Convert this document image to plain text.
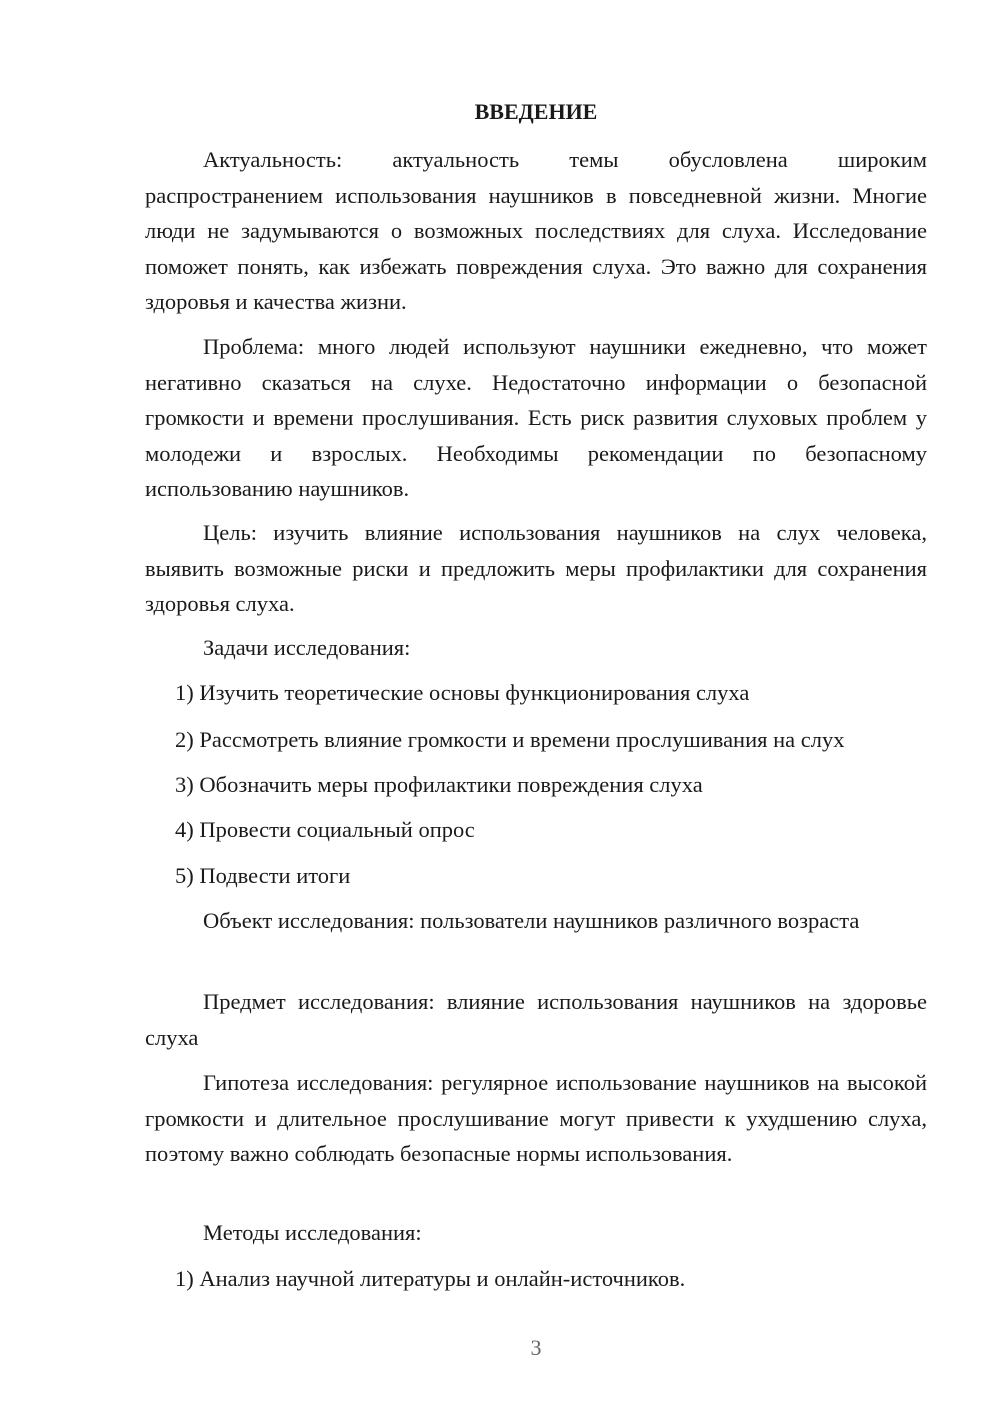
ВВЕДЕНИЕ

Актуальность: актуальность темы обусловлена широким распространением использования наушников в повседневной жизни. Многие люди не задумываются о возможных последствиях для слуха. Исследование поможет понять, как избежать повреждения слуха. Это важно для сохранения здоровья и качества жизни.

Проблема: много людей используют наушники ежедневно, что может негативно сказаться на слухе. Недостаточно информации о безопасной громкости и времени прослушивания. Есть риск развития слуховых проблем у молодежи и взрослых. Необходимы рекомендации по безопасному использованию наушников.

Цель: изучить влияние использования наушников на слух человека, выявить возможные риски и предложить меры профилактики для сохранения здоровья слуха.

Задачи исследования:

1) Изучить теоретические основы функционирования слуха
2) Рассмотреть влияние громкости и времени прослушивания на слух
3) Обозначить меры профилактики повреждения слуха
4) Провести социальный опрос
5) Подвести итоги

Объект исследования: пользователи наушников различного возраста

Предмет исследования: влияние использования наушников на здоровье слуха

Гипотеза исследования: регулярное использование наушников на высокой громкости и длительное прослушивание могут привести к ухудшению слуха, поэтому важно соблюдать безопасные нормы использования.

Методы исследования:

1) Анализ научной литературы и онлайн-источников.
3
